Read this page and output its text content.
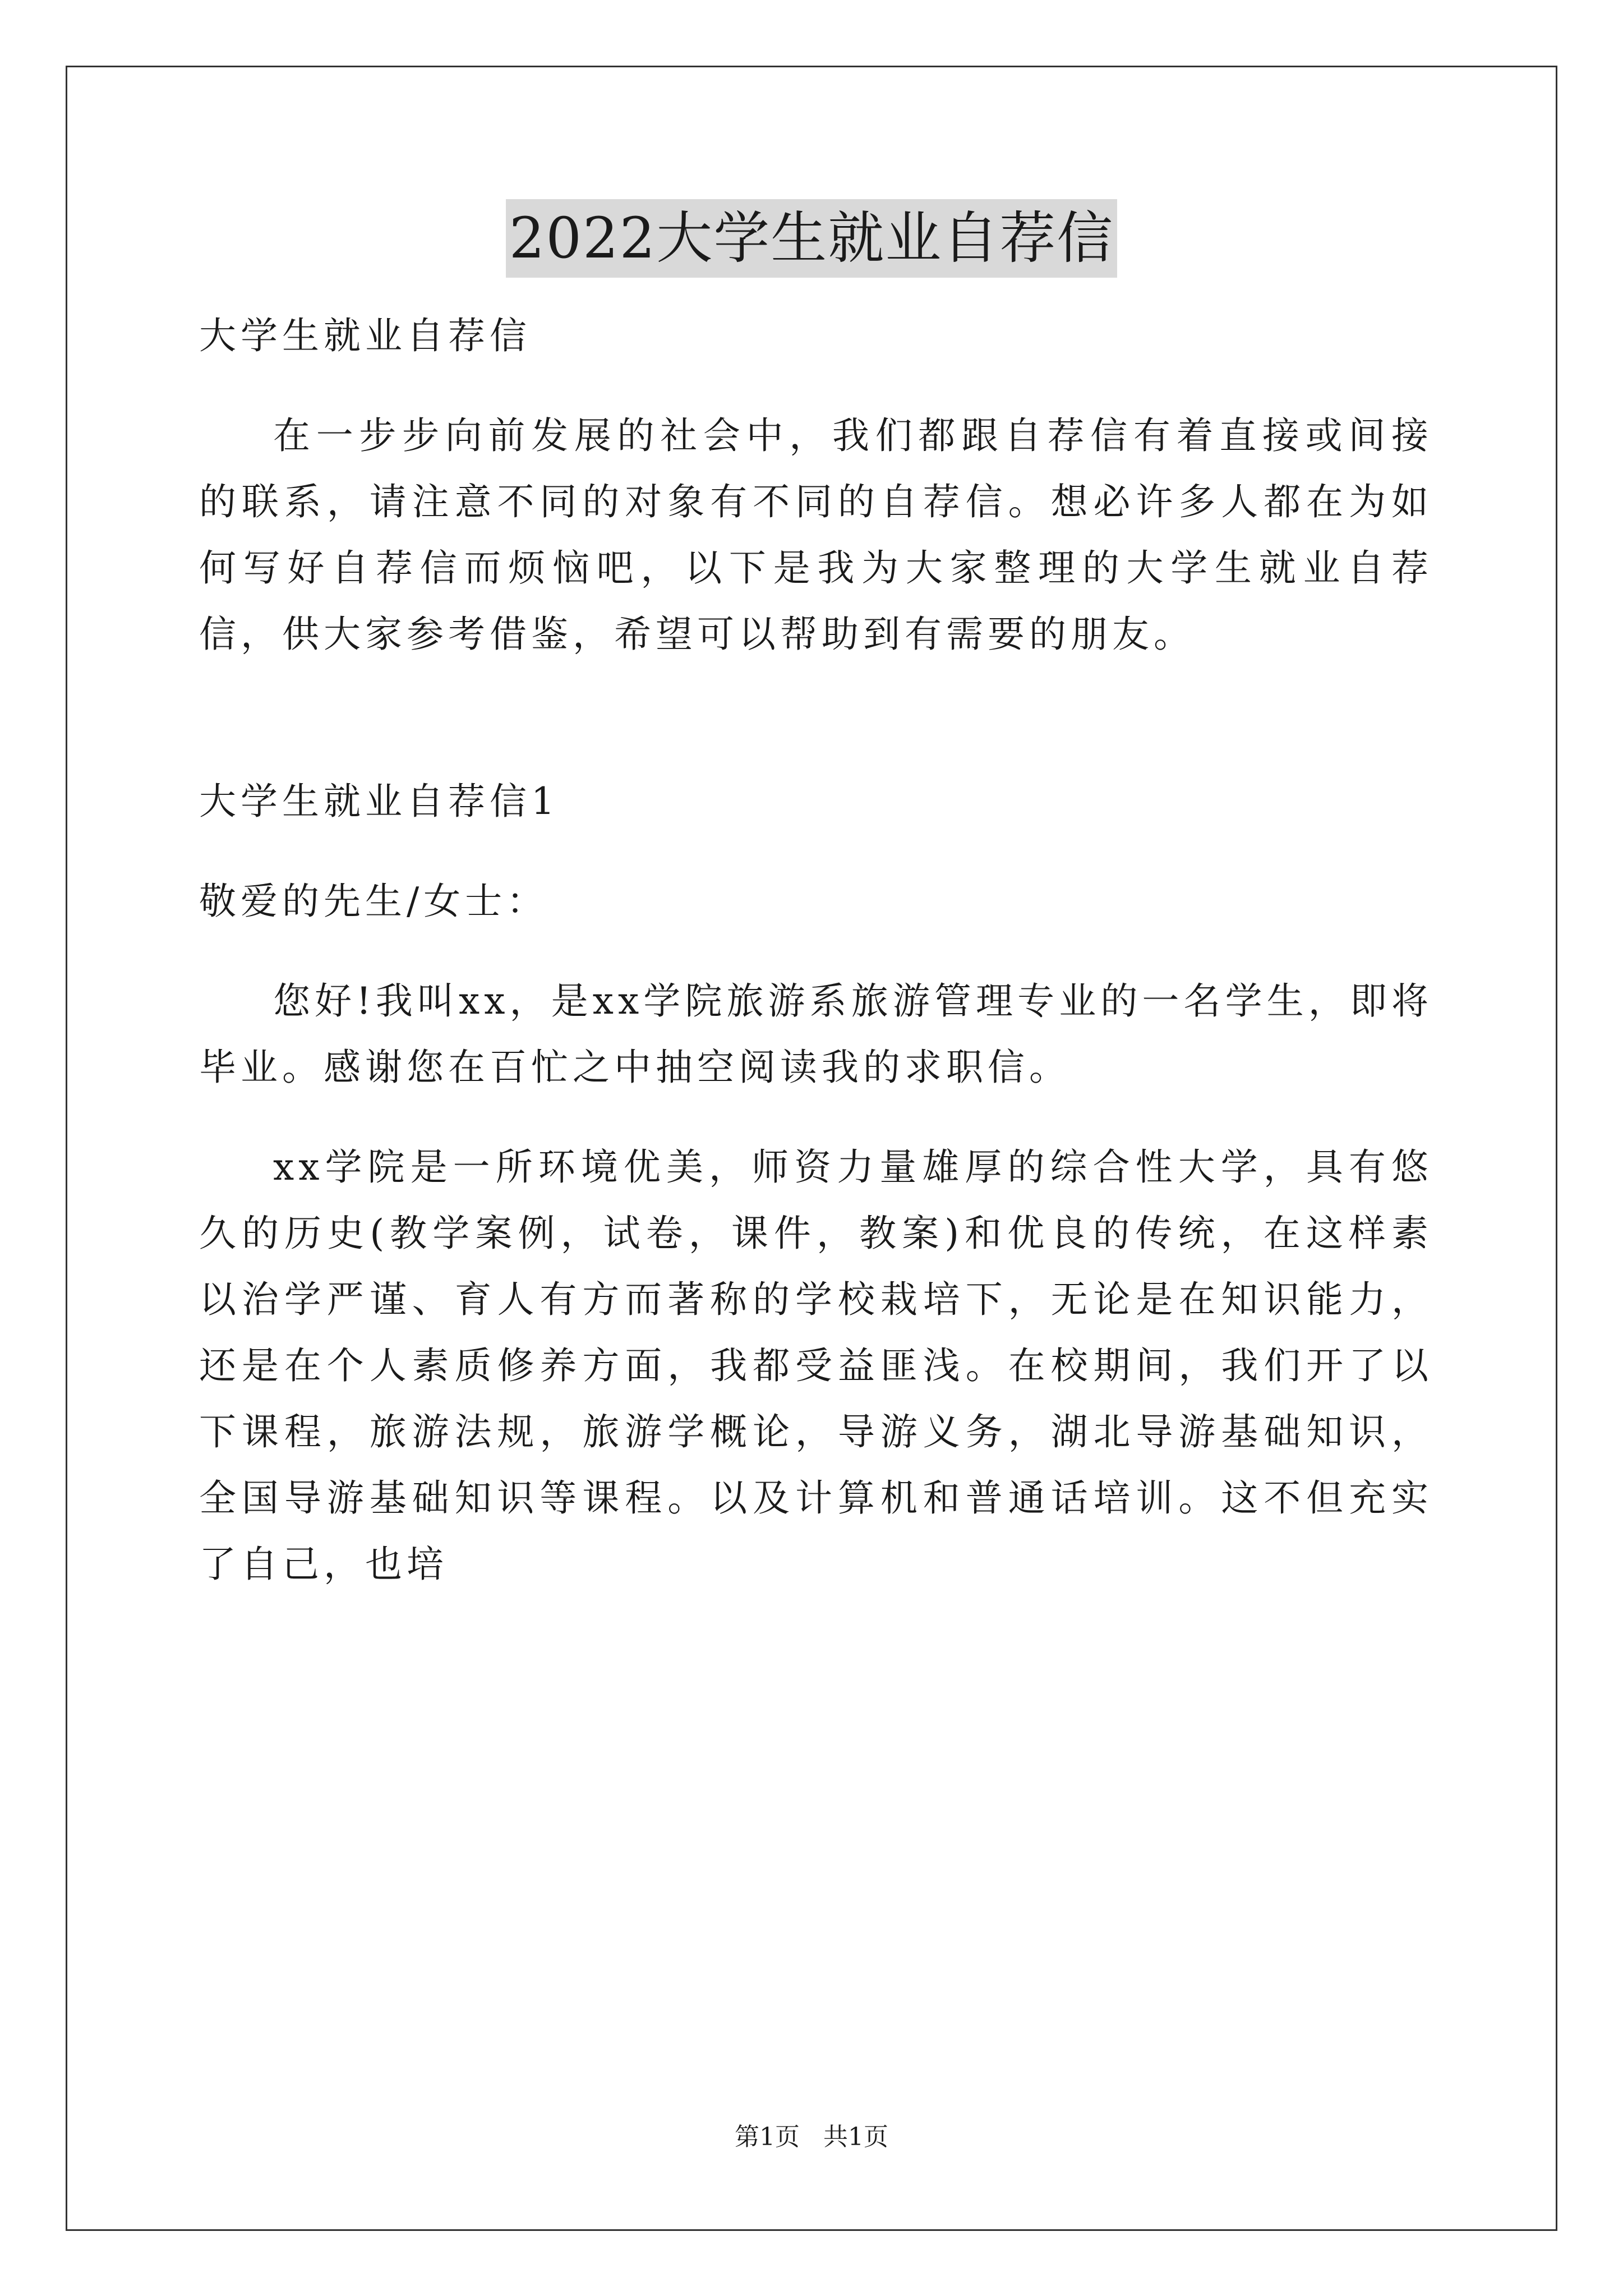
2022大学生就业自荐信
大学生就业自荐信
在一步步向前发展的社会中，我们都跟自荐信有着直接或间接的联系，请注意不同的对象有不同的自荐信。想必许多人都在为如何写好自荐信而烦恼吧，以下是我为大家整理的大学生就业自荐信，供大家参考借鉴，希望可以帮助到有需要的朋友。
大学生就业自荐信1
敬爱的先生/女士：
您好!我叫xx，是xx学院旅游系旅游管理专业的一名学生，即将毕业。感谢您在百忙之中抽空阅读我的求职信。
xx学院是一所环境优美，师资力量雄厚的综合性大学，具有悠久的历史(教学案例，试卷，课件，教案)和优良的传统，在这样素以治学严谨、育人有方而著称的学校栽培下，无论是在知识能力，还是在个人素质修养方面，我都受益匪浅。在校期间，我们开了以下课程，旅游法规，旅游学概论，导游义务，湖北导游基础知识，全国导游基础知识等课程。以及计算机和普通话培训。这不但充实了自己，也培
第1页   共1页
